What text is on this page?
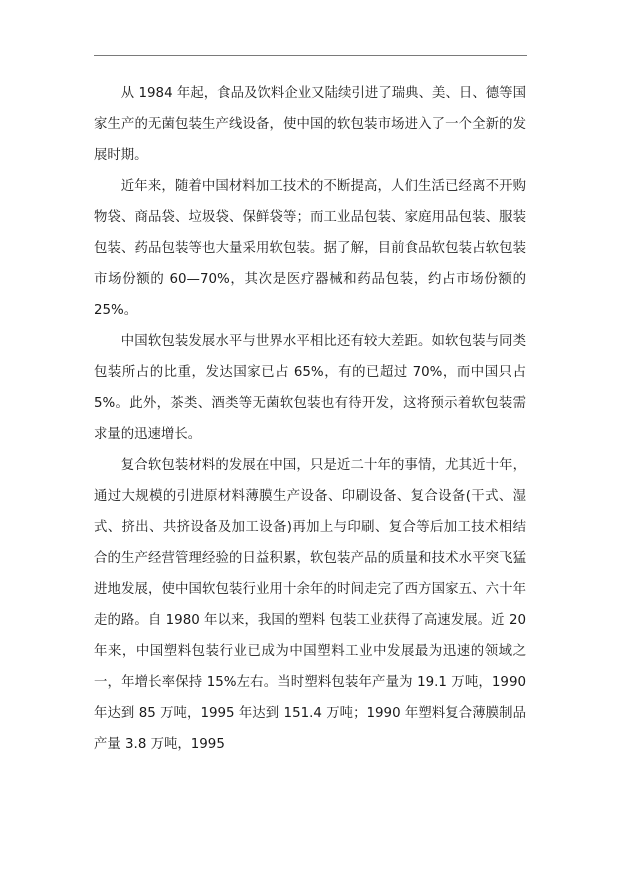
从 1984 年起，食品及饮料企业又陆续引进了瑞典、美、日、德等国家生产的无菌包装生产线设备，使中国的软包装市场进入了一个全新的发展时期。

近年来，随着中国材料加工技术的不断提高，人们生活已经离不开购物袋、商品袋、垃圾袋、保鲜袋等；而工业品包装、家庭用品包装、服装包装、药品包装等也大量采用软包装。据了解，目前食品软包装占软包装市场份额的 60—70%，其次是医疗器械和药品包装，约占市场份额的 25%。

中国软包装发展水平与世界水平相比还有较大差距。如软包装与同类包装所占的比重，发达国家已占 65%，有的已超过 70%，而中国只占 5%。此外，茶类、酒类等无菌软包装也有待开发，这将预示着软包装需求量的迅速增长。

复合软包装材料的发展在中国，只是近二十年的事情，尤其近十年，通过大规模的引进原材料薄膜生产设备、印刷设备、复合设备(干式、湿式、挤出、共挤设备及加工设备)再加上与印刷、复合等后加工技术相结合的生产经营管理经验的日益积累，软包装产品的质量和技术水平突飞猛进地发展，使中国软包装行业用十余年的时间走完了西方国家五、六十年走的路。自 1980 年以来，我国的塑料 包装工业获得了高速发展。近 20 年来，中国塑料包装行业已成为中国塑料工业中发展最为迅速的领域之一，年增长率保持 15%左右。当时塑料包装年产量为 19.1 万吨，1990 年达到 85 万吨，1995 年达到 151.4 万吨；1990 年塑料复合薄膜制品产量 3.8 万吨，1995
